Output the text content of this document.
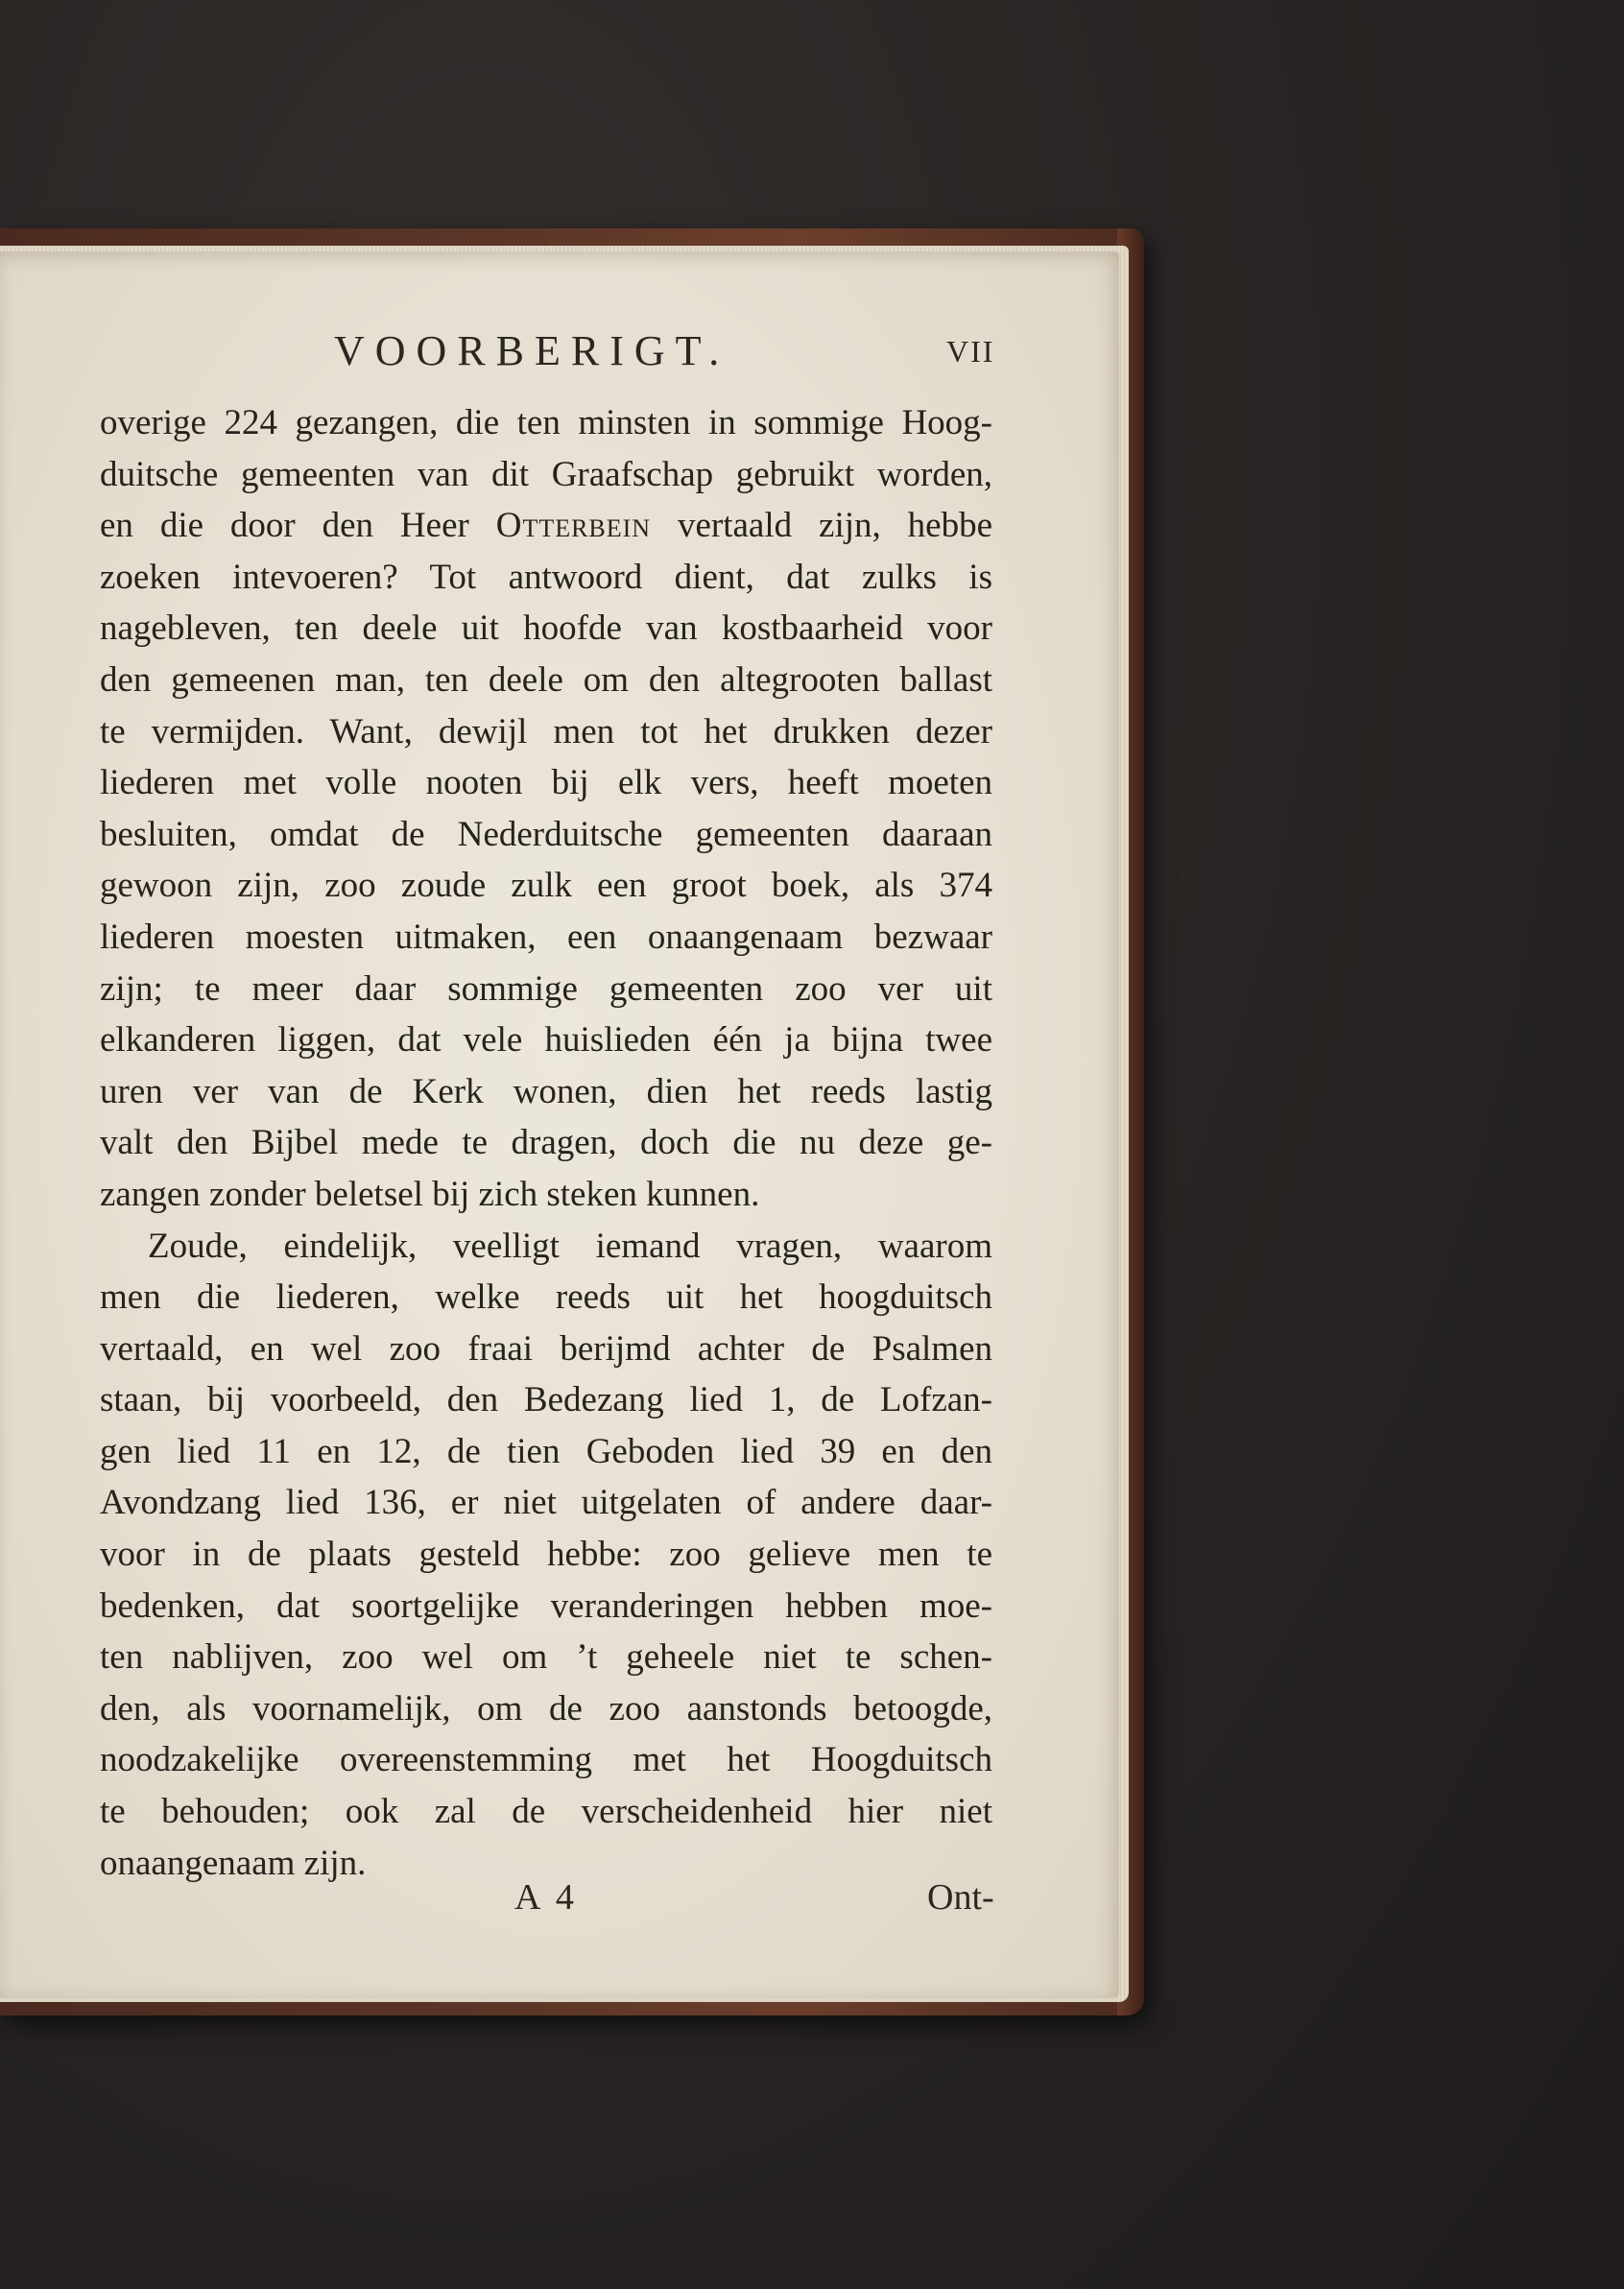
VOORBERIGT.	VII
overige 224 gezangen, die ten minsten in sommige Hoog-
duitsche gemeenten van dit Graafschap gebruikt worden,
en die door den Heer Otterbein vertaald zijn, hebbe
zoeken intevoeren? Tot antwoord dient, dat zulks is
nagebleven, ten deele uit hoofde van kostbaarheid voor
den gemeenen man, ten deele om den altegrooten ballast
te vermijden. Want, dewijl men tot het drukken dezer
liederen met volle nooten bij elk vers, heeft moeten
besluiten, omdat de Nederduitsche gemeenten daaraan
gewoon zijn, zoo zoude zulk een groot boek, als 374
liederen moesten uitmaken, een onaangenaam bezwaar
zijn; te meer daar sommige gemeenten zoo ver uit
elkanderen liggen, dat vele huislieden één ja bijna twee
uren ver van de Kerk wonen, dien het reeds lastig
valt den Bijbel mede te dragen, doch die nu deze ge-
zangen zonder beletsel bij zich steken kunnen.
Zoude, eindelijk, veelligt iemand vragen, waarom
men die liederen, welke reeds uit het hoogduitsch
vertaald, en wel zoo fraai berijmd achter de Psalmen
staan, bij voorbeeld, den Bedezang lied 1, de Lofzan-
gen lied 11 en 12, de tien Geboden lied 39 en den
Avondzang lied 136, er niet uitgelaten of andere daar-
voor in de plaats gesteld hebbe: zoo gelieve men te
bedenken, dat soortgelijke veranderingen hebben moe-
ten nablijven, zoo wel om ’t geheele niet te schen-
den, als voornamelijk, om de zoo aanstonds betoogde,
noodzakelijke overeenstemming met het Hoogduitsch
te behouden; ook zal de verscheidenheid hier niet
onaangenaam zijn.
A 4	Ont-
